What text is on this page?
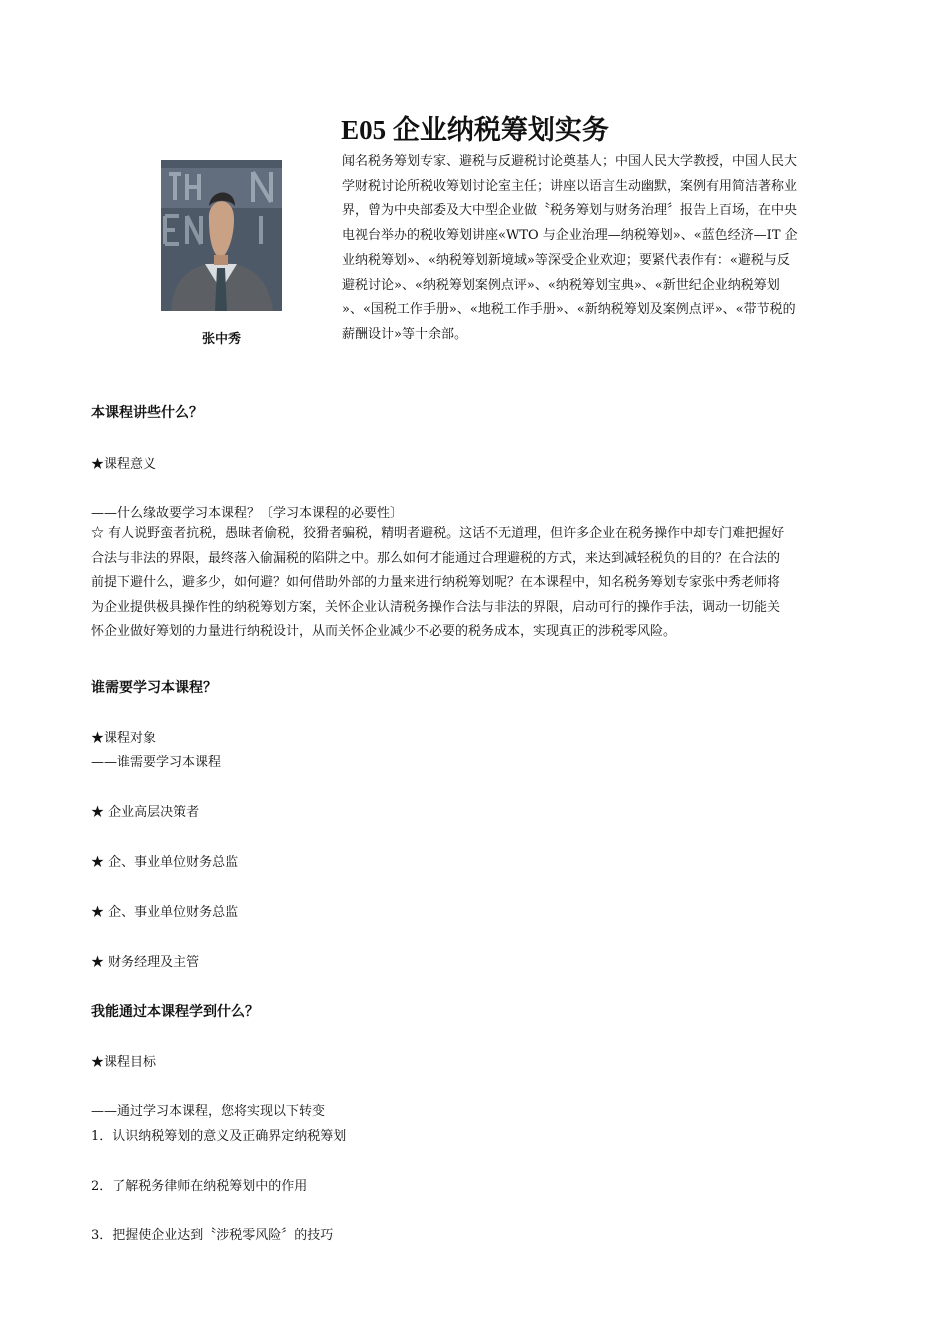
E05 企业纳税筹划实务
张中秀
闻名税务筹划专家、避税与反避税讨论奠基人；中国人民大学教授，中国人民大
学财税讨论所税收筹划讨论室主任；讲座以语言生动幽默，案例有用简洁著称业
界，曾为中央部委及大中型企业做〝税务筹划与财务治理〞报告上百场，在中央
电视台举办的税收筹划讲座«WTO 与企业治理—纳税筹划»、«蓝色经济—IT 企
业纳税筹划»、«纳税筹划新境域»等深受企业欢迎；要紧代表作有：«避税与反
避税讨论»、«纳税筹划案例点评»、«纳税筹划宝典»、«新世纪企业纳税筹划
»、«国税工作手册»、«地税工作手册»、«新纳税筹划及案例点评»、«带节税的
薪酬设计»等十余部。
本课程讲些什么？
★课程意义
——什么缘故要学习本课程？〔学习本课程的必要性〕
☆ 有人说野蛮者抗税，愚昧者偷税，狡猾者骗税，精明者避税。这话不无道理，但许多企业在税务操作中却专门难把握好
合法与非法的界限，最终落入偷漏税的陷阱之中。那么如何才能通过合理避税的方式，来达到减轻税负的目的？在合法的
前提下避什么，避多少，如何避？如何借助外部的力量来进行纳税筹划呢？在本课程中，知名税务筹划专家张中秀老师将
为企业提供极具操作性的纳税筹划方案，关怀企业认清税务操作合法与非法的界限，启动可行的操作手法，调动一切能关
怀企业做好筹划的力量进行纳税设计，从而关怀企业减少不必要的税务成本，实现真正的涉税零风险。
谁需要学习本课程？
★课程对象
——谁需要学习本课程
★ 企业高层决策者
★ 企、事业单位财务总监
★ 企、事业单位财务总监
★ 财务经理及主管
我能通过本课程学到什么？
★课程目标
——通过学习本课程，您将实现以下转变
1．认识纳税筹划的意义及正确界定纳税筹划
2．了解税务律师在纳税筹划中的作用
3．把握使企业达到〝涉税零风险〞的技巧
